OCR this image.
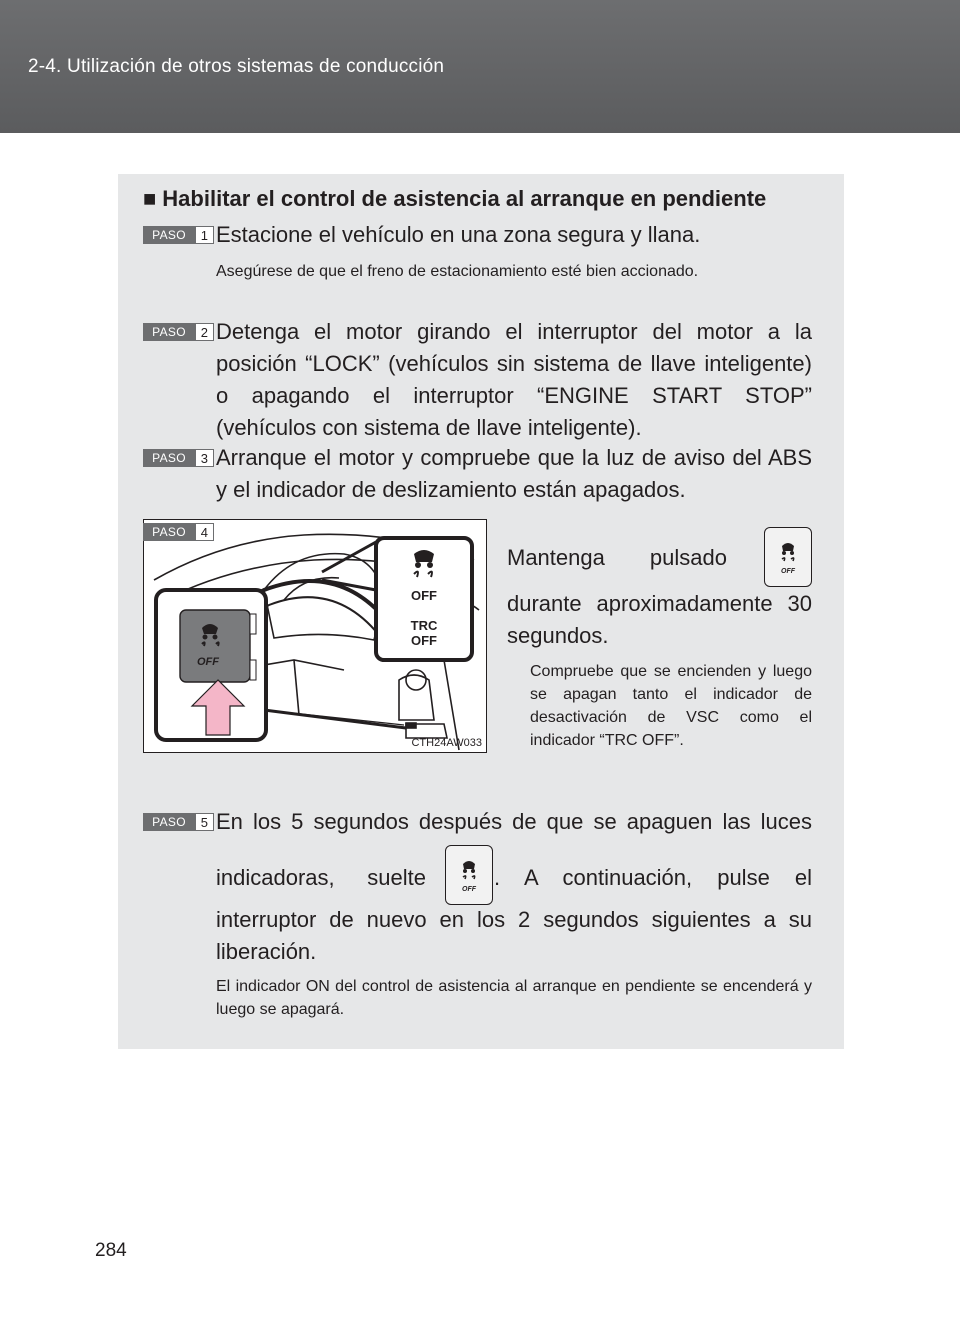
2-4. Utilización de otros sistemas de conducción
■ Habilitar el control de asistencia al arranque en pendiente
PASO	1 Estacione el vehículo en una zona segura y llana.
Asegúrese de que el freno de estacionamiento esté bien accionado.
PASO	2 Detenga el motor girando el interruptor del motor a la posición “LOCK” (vehículos sin sistema de llave inteligente) o apagando el interruptor “ENGINE START STOP” (vehículos con sistema de llave inteligente).
PASO	3 Arranque el motor y compruebe que la luz de aviso del ABS y el indicador de deslizamiento están apagados.
OFF
OFF
TRC
OFF
CTH24AW033
PASO	4
Mantenga pulsado
OFF
durante aproximadamente 30 segundos.
Compruebe que se encienden y luego se apagan tanto el indicador de desactivación de VSC como el indicador “TRC OFF”.
PASO	5 En los 5 segundos después de que se apaguen las luces
indicadoras, suelte	OFF . A continuación, pulse el
interruptor de nuevo en los 2 segundos siguientes a su liberación.
El indicador ON del control de asistencia al arranque en pendiente se encenderá y luego se apagará.
284
